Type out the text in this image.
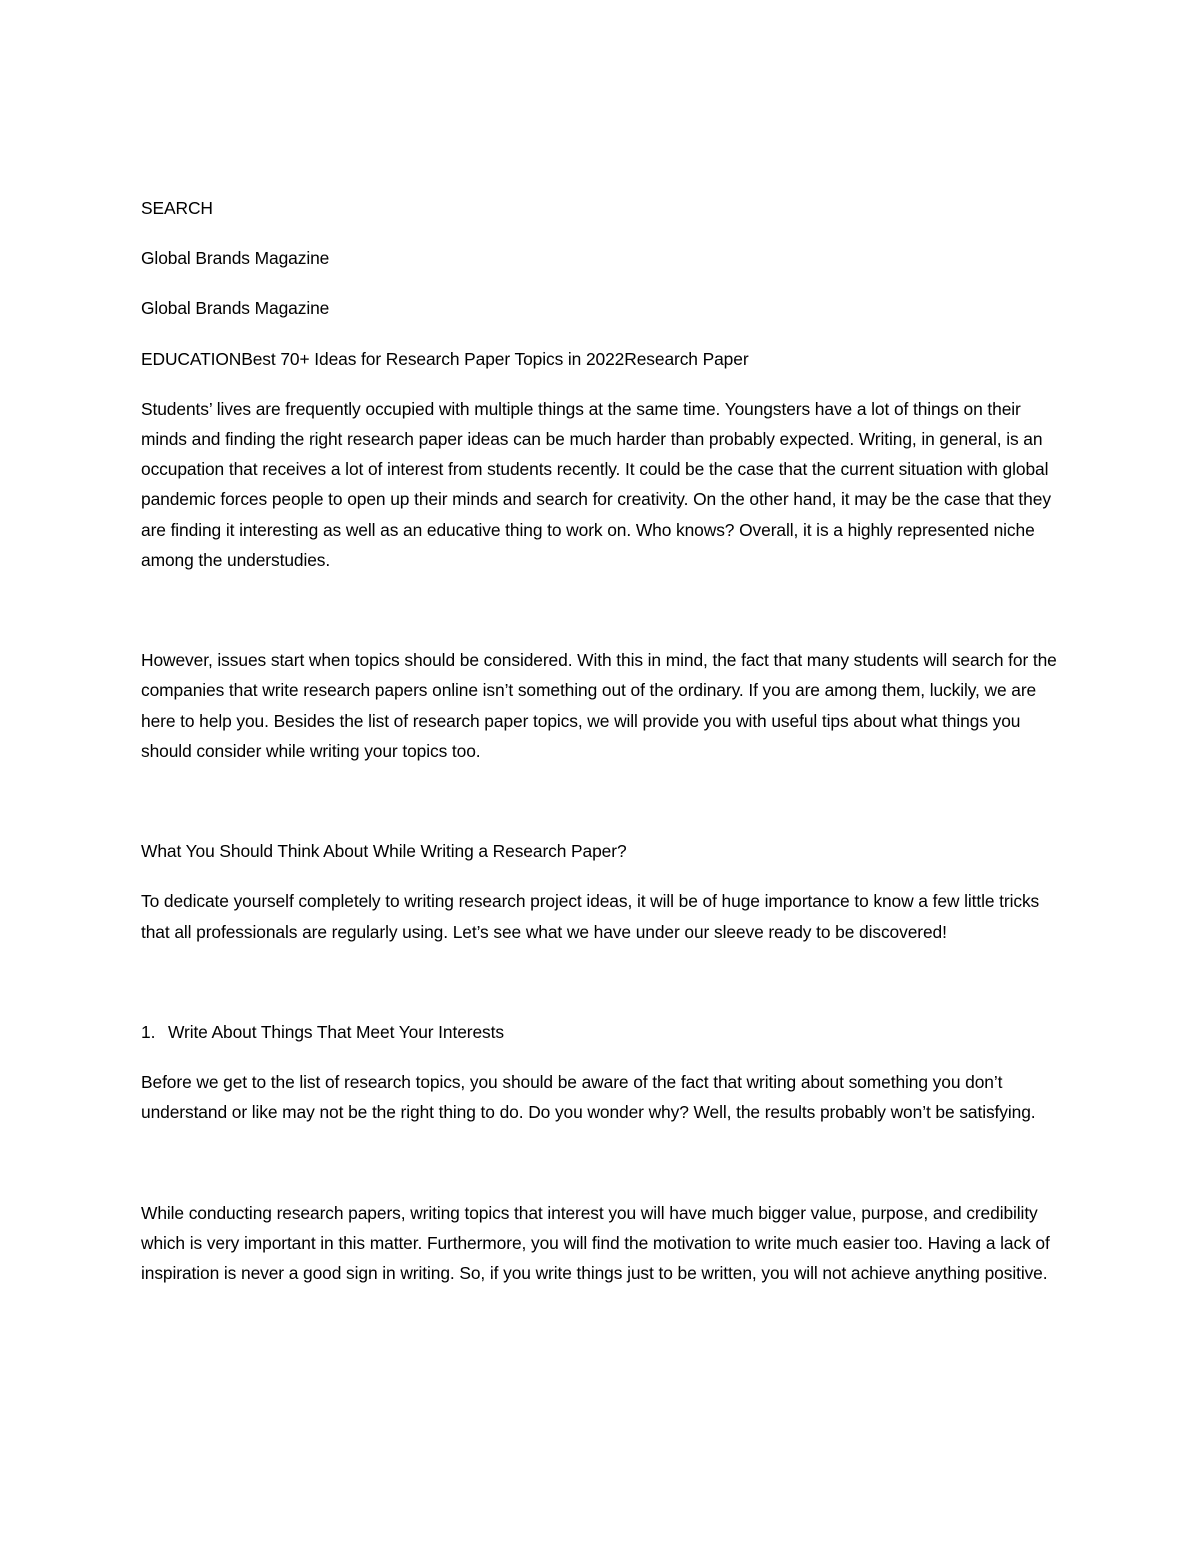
SEARCH

Global Brands Magazine

Global Brands Magazine

EDUCATIONBest 70+ Ideas for Research Paper Topics in 2022Research Paper

Students’ lives are frequently occupied with multiple things at the same time. Youngsters have a lot of things on their minds and finding the right research paper ideas can be much harder than probably expected. Writing, in general, is an occupation that receives a lot of interest from students recently. It could be the case that the current situation with global pandemic forces people to open up their minds and search for creativity. On the other hand, it may be the case that they are finding it interesting as well as an educative thing to work on. Who knows? Overall, it is a highly represented niche among the understudies.

However, issues start when topics should be considered. With this in mind, the fact that many students will search for the companies that write research papers online isn’t something out of the ordinary. If you are among them, luckily, we are here to help you. Besides the list of research paper topics, we will provide you with useful tips about what things you should consider while writing your topics too.

What You Should Think About While Writing a Research Paper?

To dedicate yourself completely to writing research project ideas, it will be of huge importance to know a few little tricks that all professionals are regularly using. Let’s see what we have under our sleeve ready to be discovered!

1. Write About Things That Meet Your Interests

Before we get to the list of research topics, you should be aware of the fact that writing about something you don’t understand or like may not be the right thing to do. Do you wonder why? Well, the results probably won’t be satisfying.

While conducting research papers, writing topics that interest you will have much bigger value, purpose, and credibility which is very important in this matter. Furthermore, you will find the motivation to write much easier too. Having a lack of inspiration is never a good sign in writing. So, if you write things just to be written, you will not achieve anything positive.
